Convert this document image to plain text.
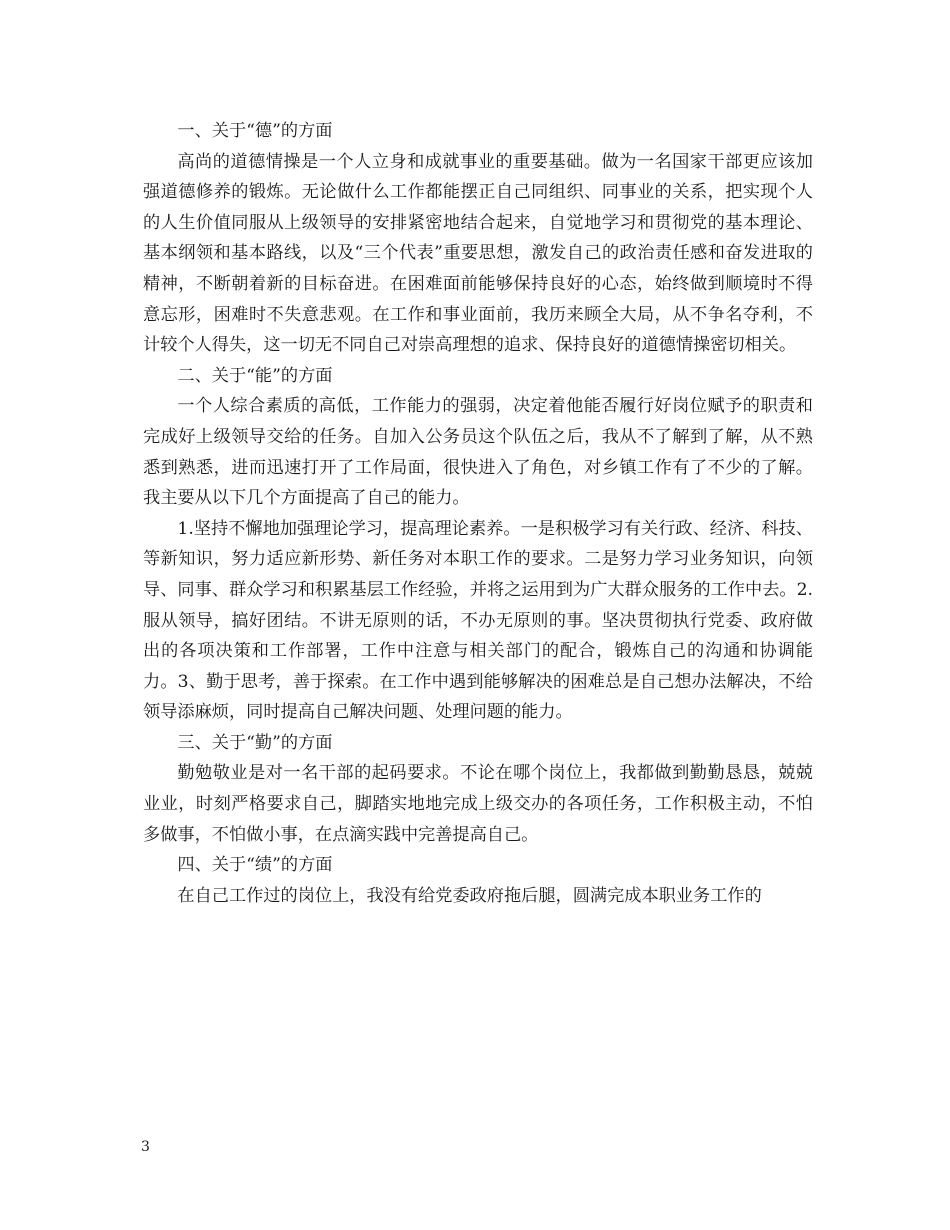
一、关于“德”的方面

高尚的道德情操是一个人立身和成就事业的重要基础。做为一名国家干部更应该加强道德修养的锻炼。无论做什么工作都能摆正自己同组织、同事业的关系，把实现个人的人生价值同服从上级领导的安排紧密地结合起来，自觉地学习和贯彻党的基本理论、基本纲领和基本路线，以及“三个代表”重要思想，激发自己的政治责任感和奋发进取的精神，不断朝着新的目标奋进。在困难面前能够保持良好的心态，始终做到顺境时不得意忘形，困难时不失意悲观。在工作和事业面前，我历来顾全大局，从不争名夺利，不计较个人得失，这一切无不同自己对崇高理想的追求、保持良好的道德情操密切相关。

二、关于“能”的方面

一个人综合素质的高低，工作能力的强弱，决定着他能否履行好岗位赋予的职责和完成好上级领导交给的任务。自加入公务员这个队伍之后，我从不了解到了解，从不熟悉到熟悉，进而迅速打开了工作局面，很快进入了角色，对乡镇工作有了不少的了解。我主要从以下几个方面提高了自己的能力。

1.坚持不懈地加强理论学习，提高理论素养。一是积极学习有关行政、经济、科技、等新知识，努力适应新形势、新任务对本职工作的要求。二是努力学习业务知识，向领导、同事、群众学习和积累基层工作经验，并将之运用到为广大群众服务的工作中去。2.服从领导，搞好团结。不讲无原则的话，不办无原则的事。坚决贯彻执行党委、政府做出的各项决策和工作部署，工作中注意与相关部门的配合，锻炼自己的沟通和协调能力。3、勤于思考，善于探索。在工作中遇到能够解决的困难总是自己想办法解决，不给领导添麻烦，同时提高自己解决问题、处理问题的能力。

三、关于“勤”的方面

勤勉敬业是对一名干部的起码要求。不论在哪个岗位上，我都做到勤勤恳恳，兢兢业业，时刻严格要求自己，脚踏实地地完成上级交办的各项任务，工作积极主动，不怕多做事，不怕做小事，在点滴实践中完善提高自己。

四、关于“绩”的方面

在自己工作过的岗位上，我没有给党委政府拖后腿，圆满完成本职业务工作的

3
